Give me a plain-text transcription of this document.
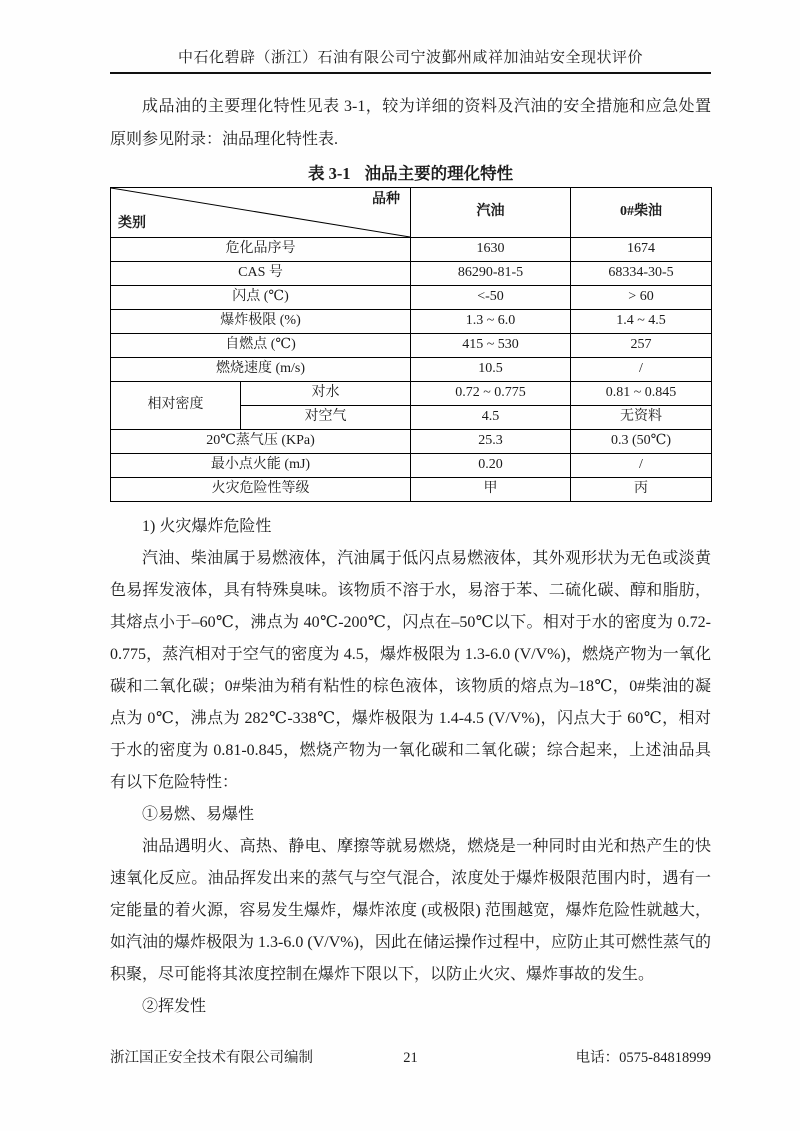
中石化碧辟（浙江）石油有限公司宁波鄞州咸祥加油站安全现状评价

成品油的主要理化特性见表 3-1，较为详细的资料及汽油的安全措施和应急处置原则参见附录：油品理化特性表.

表 3-1 油品主要的理化特性
品种
类别		汽油	0#柴油
危化品序号		1630	1674
CAS 号		86290-81-5	68334-30-5
闪点 (℃)		<-50	> 60
爆炸极限 (%)		1.3 ~ 6.0	1.4 ~ 4.5
自燃点 (℃)		415 ~ 530	257
燃烧速度 (m/s)		10.5	/
相对密度	对水	0.72 ~ 0.775	0.81 ~ 0.845
	对空气	4.5	无资料
20℃蒸气压 (KPa)		25.3	0.3 (50℃)
最小点火能 (mJ)		0.20	/
火灾危险性等级		甲	丙

1) 火灾爆炸危险性

汽油、柴油属于易燃液体，汽油属于低闪点易燃液体，其外观形状为无色或淡黄色易挥发液体，具有特殊臭味。该物质不溶于水，易溶于苯、二硫化碳、醇和脂肪，其熔点小于–60℃，沸点为 40℃-200℃，闪点在–50℃以下。相对于水的密度为 0.72-0.775，蒸汽相对于空气的密度为 4.5，爆炸极限为 1.3-6.0 (V/V%)，燃烧产物为一氧化碳和二氧化碳；0#柴油为稍有粘性的棕色液体，该物质的熔点为–18℃，0#柴油的凝点为 0℃，沸点为 282℃-338℃，爆炸极限为 1.4-4.5 (V/V%)，闪点大于 60℃，相对于水的密度为 0.81-0.845，燃烧产物为一氧化碳和二氧化碳；综合起来，上述油品具有以下危险特性：

①易燃、易爆性

油品遇明火、高热、静电、摩擦等就易燃烧，燃烧是一种同时由光和热产生的快速氧化反应。油品挥发出来的蒸气与空气混合，浓度处于爆炸极限范围内时，遇有一定能量的着火源，容易发生爆炸，爆炸浓度 (或极限) 范围越宽，爆炸危险性就越大，如汽油的爆炸极限为 1.3-6.0 (V/V%)，因此在储运操作过程中，应防止其可燃性蒸气的积聚，尽可能将其浓度控制在爆炸下限以下，以防止火灾、爆炸事故的发生。

②挥发性

浙江国正安全技术有限公司编制	21	电话：0575-84818999
